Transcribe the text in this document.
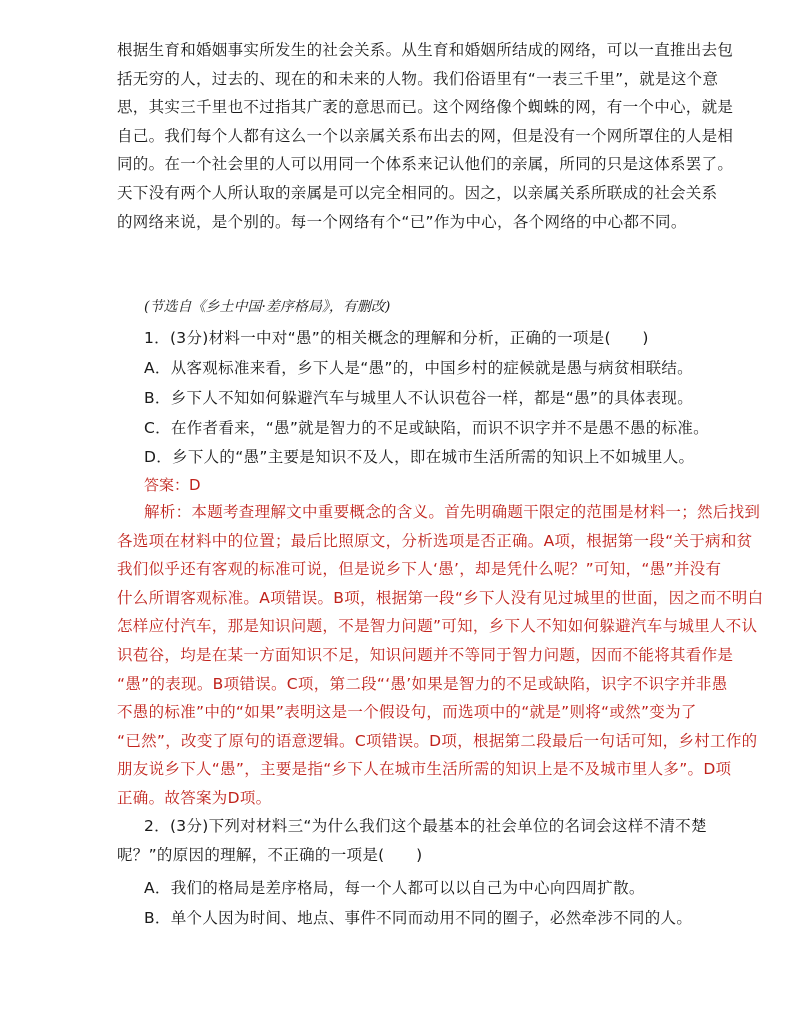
根据生育和婚姻事实所发生的社会关系。从生育和婚姻所结成的网络，可以一直推出去包
括无穷的人，过去的、现在的和未来的人物。我们俗语里有“一表三千里”，就是这个意
思，其实三千里也不过指其广袤的意思而已。这个网络像个蜘蛛的网，有一个中心，就是
自己。我们每个人都有这么一个以亲属关系布出去的网，但是没有一个网所罩住的人是相
同的。在一个社会里的人可以用同一个体系来记认他们的亲属，所同的只是这体系罢了。
天下没有两个人所认取的亲属是可以完全相同的。因之，以亲属关系所联成的社会关系
的网络来说，是个别的。每一个网络有个“已”作为中心，各个网络的中心都不同。

(节选自《乡土中国·差序格局》，有删改)

1．(3分)材料一中对“愚”的相关概念的理解和分析，正确的一项是(　　)

A．从客观标准来看，乡下人是“愚”的，中国乡村的症候就是愚与病贫相联结。

B．乡下人不知如何躲避汽车与城里人不认识苞谷一样，都是“愚”的具体表现。

C．在作者看来，“愚”就是智力的不足或缺陷，而识不识字并不是愚不愚的标准。

D．乡下人的“愚”主要是知识不及人，即在城市生活所需的知识上不如城里人。

答案：D

解析：本题考查理解文中重要概念的含义。首先明确题干限定的范围是材料一；然后找到
各选项在材料中的位置；最后比照原文，分析选项是否正确。A项，根据第一段“关于病和贫
我们似乎还有客观的标准可说，但是说乡下人‘愚’，却是凭什么呢？”可知，“愚”并没有
什么所谓客观标准。A项错误。B项，根据第一段“乡下人没有见过城里的世面，因之而不明白
怎样应付汽车，那是知识问题，不是智力问题”可知，乡下人不知如何躲避汽车与城里人不认
识苞谷，均是在某一方面知识不足，知识问题并不等同于智力问题，因而不能将其看作是
“愚”的表现。B项错误。C项，第二段“‘愚’如果是智力的不足或缺陷，识字不识字并非愚
不愚的标准”中的“如果”表明这是一个假设句，而选项中的“就是”则将“或然”变为了
“已然”，改变了原句的语意逻辑。C项错误。D项，根据第二段最后一句话可知，乡村工作的
朋友说乡下人“愚”，主要是指“乡下人在城市生活所需的知识上是不及城市里人多”。D项
正确。故答案为D项。
2．(3分)下列对材料三“为什么我们这个最基本的社会单位的名词会这样不清不楚
呢？”的原因的理解，不正确的一项是(　　)

A．我们的格局是差序格局，每一个人都可以以自己为中心向四周扩散。

B．单个人因为时间、地点、事件不同而动用不同的圈子，必然牵涉不同的人。
